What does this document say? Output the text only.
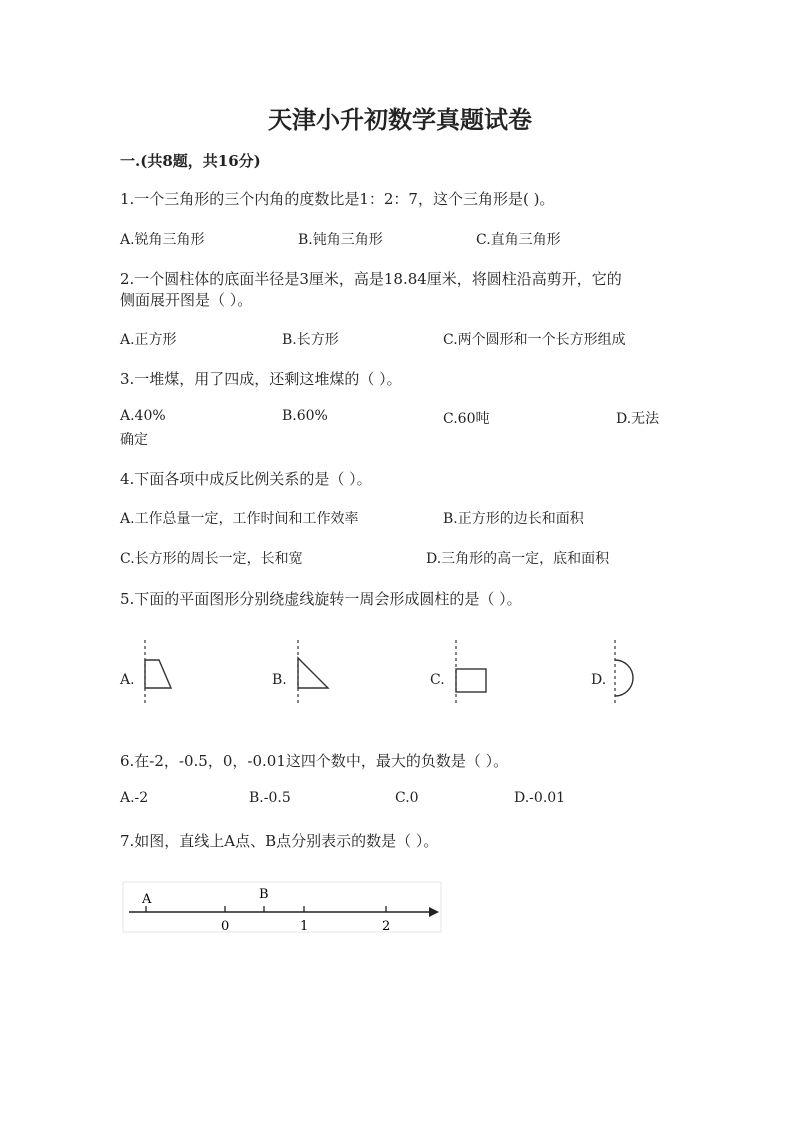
天津小升初数学真题试卷
一.(共8题，共16分)
1.一个三角形的三个内角的度数比是1：2：7，这个三角形是( )。
A.锐角三角形	B.钝角三角形	C.直角三角形
2.一个圆柱体的底面半径是3厘米，高是18.84厘米，将圆柱沿高剪开，它的
侧面展开图是（ ）。
A.正方形	B.长方形	C.两个圆形和一个长方形组成
3.一堆煤，用了四成，还剩这堆煤的（ ）。
A.40%	B.60%	C.60吨	D.无法
确定
4.下面各项中成反比例关系的是（ ）。
A.工作总量一定，工作时间和工作效率	B.正方形的边长和面积
C.长方形的周长一定，长和宽	D.三角形的高一定，底和面积
5.下面的平面图形分别绕虚线旋转一周会形成圆柱的是（ ）。
A.	B.	C.	D.
6.在-2，-0.5，0，-0.01这四个数中，最大的负数是（ ）。
A.-2	B.-0.5	C.0	D.-0.01
7.如图，直线上A点、B点分别表示的数是（ ）。
A	B
0	1	2
